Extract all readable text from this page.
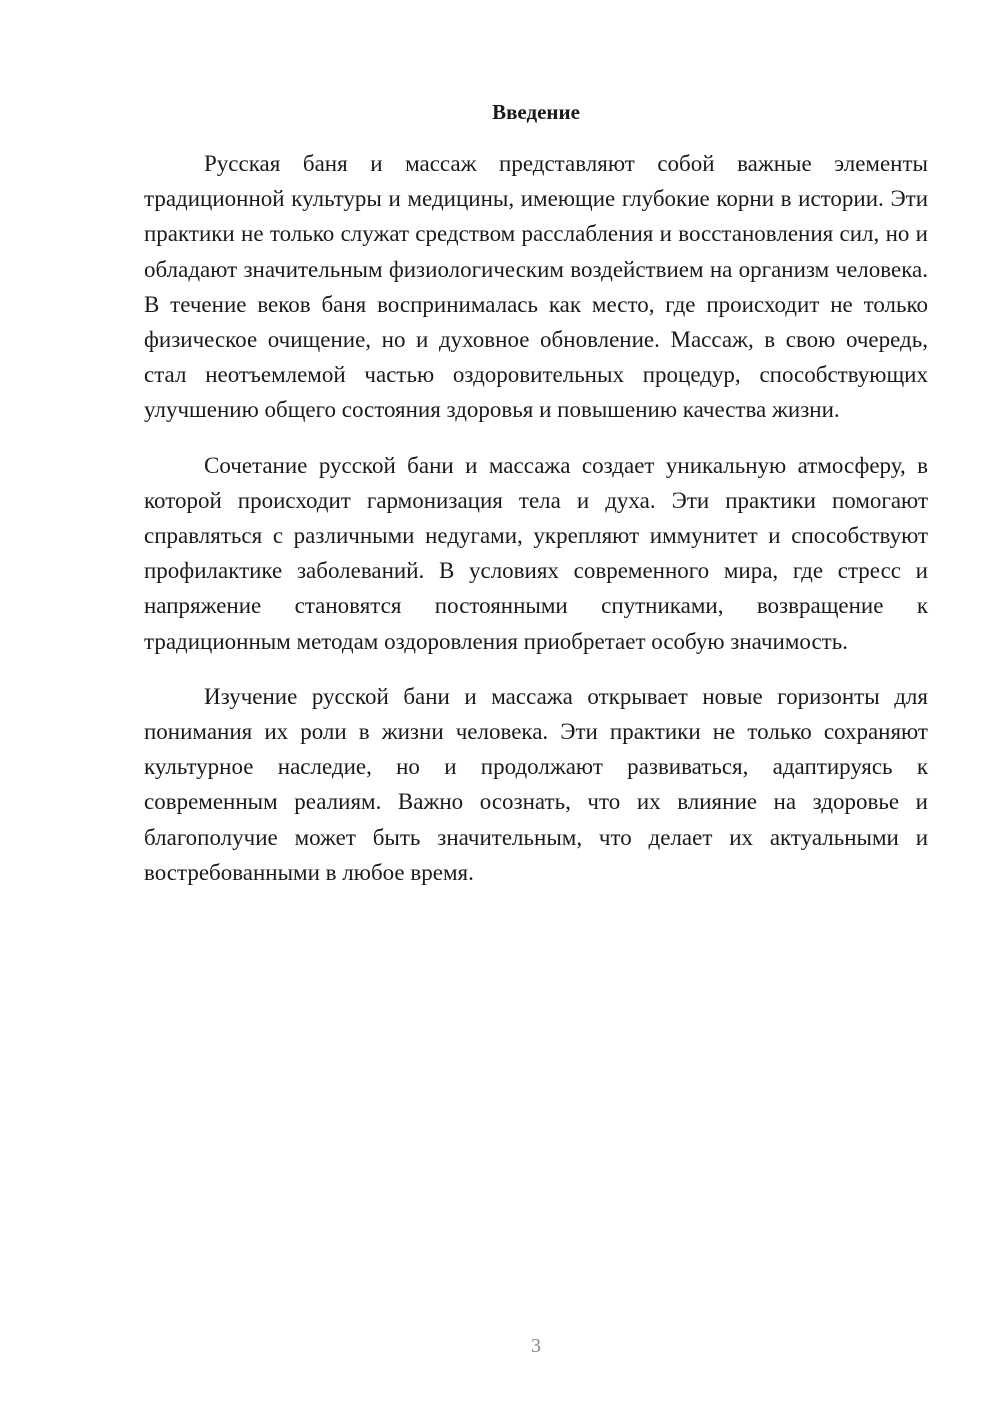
Введение

Русская баня и массаж представляют собой важные элементы традиционной культуры и медицины, имеющие глубокие корни в истории. Эти практики не только служат средством расслабления и восстановления сил, но и обладают значительным физиологическим воздействием на организм человека. В течение веков баня воспринималась как место, где происходит не только физическое очищение, но и духовное обновление. Массаж, в свою очередь, стал неотъемлемой частью оздоровительных процедур, способствующих улучшению общего состояния здоровья и повышению качества жизни.

Сочетание русской бани и массажа создает уникальную атмосферу, в которой происходит гармонизация тела и духа. Эти практики помогают справляться с различными недугами, укрепляют иммунитет и способствуют профилактике заболеваний. В условиях современного мира, где стресс и напряжение становятся постоянными спутниками, возвращение к традиционным методам оздоровления приобретает особую значимость.

Изучение русской бани и массажа открывает новые горизонты для понимания их роли в жизни человека. Эти практики не только сохраняют культурное наследие, но и продолжают развиваться, адаптируясь к современным реалиям. Важно осознать, что их влияние на здоровье и благополучие может быть значительным, что делает их актуальными и востребованными в любое время.

3
